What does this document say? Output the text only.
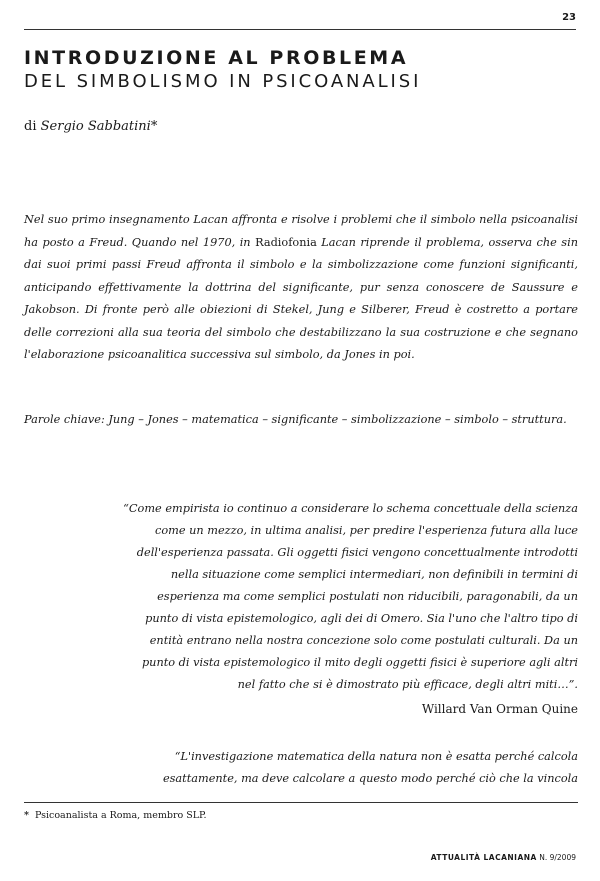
23
INTRODUZIONE AL PROBLEMA
DEL SIMBOLISMO IN PSICOANALISI
di Sergio Sabbatini*

Nel suo primo insegnamento Lacan affronta e risolve i problemi che il simbolo nella psicoanalisi ha posto a Freud. Quando nel 1970, in Radiofonia Lacan riprende il problema, osserva che sin dai suoi primi passi Freud affronta il simbolo e la simbolizzazione come funzioni significanti, anticipando effettivamente la dottrina del significante, pur senza conoscere de Saussure e Jakobson. Di fronte però alle obiezioni di Stekel, Jung e Silberer, Freud è costretto a portare delle correzioni alla sua teoria del simbolo che destabilizzano la sua costruzione e che segnano l'elaborazione psicoanalitica successiva sul simbolo, da Jones in poi.

Parole chiave: Jung – Jones – matematica – significante – simbolizzazione – simbolo – struttura.

“Come empirista io continuo a considerare lo schema concettuale della scienza
come un mezzo, in ultima analisi, per predire l'esperienza futura alla luce
dell'esperienza passata. Gli oggetti fisici vengono concettualmente introdotti
nella situazione come semplici intermediari, non definibili in termini di
esperienza ma come semplici postulati non riducibili, paragonabili, da un
punto di vista epistemologico, agli dei di Omero. Sia l'uno che l'altro tipo di
entità entrano nella nostra concezione solo come postulati culturali. Da un
punto di vista epistemologico il mito degli oggetti fisici è superiore agli altri
nel fatto che si è dimostrato più efficace, degli altri miti…”.

Willard Van Orman Quine

“L'investigazione matematica della natura non è esatta perché calcola
esattamente, ma deve calcolare a questo modo perché ciò che la vincola

* Psicoanalista a Roma, membro SLP.
ATTUALITÀ LACANIANA N. 9/2009
